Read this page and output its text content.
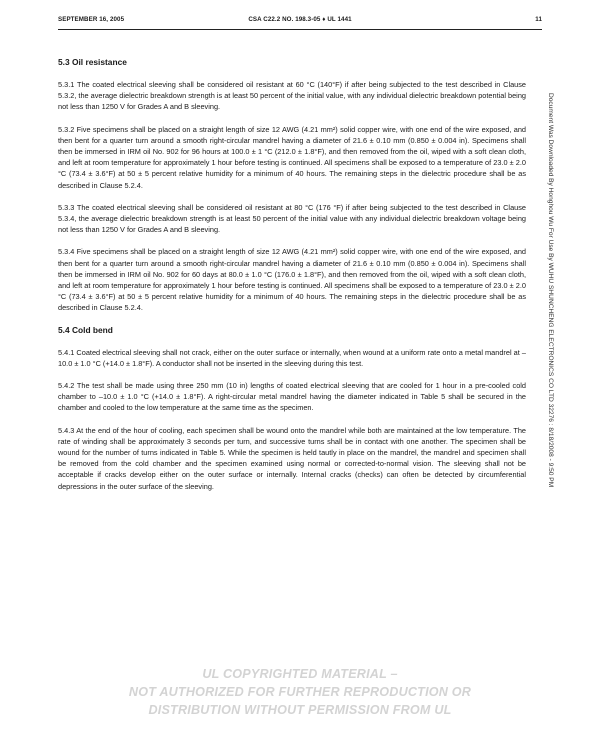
SEPTEMBER 16, 2005	CSA C22.2 NO. 198.3-05 ♦ UL 1441	11
5.3 Oil resistance

5.3.1 The coated electrical sleeving shall be considered oil resistant at 60 °C (140°F) if after being subjected to the test described in Clause 5.3.2, the average dielectric breakdown strength is at least 50 percent of the initial value, with any individual dielectric breakdown potential being not less than 1250 V for Grades A and B sleeving.

5.3.2 Five specimens shall be placed on a straight length of size 12 AWG (4.21 mm²) solid copper wire, with one end of the wire exposed, and then bent for a quarter turn around a smooth right-circular mandrel having a diameter of 21.6 ± 0.10 mm (0.850 ± 0.004 in). Specimens shall then be immersed in IRM oil No. 902 for 96 hours at 100.0 ± 1 °C (212.0 ± 1.8°F), and then removed from the oil, wiped with a soft clean cloth, and left at room temperature for approximately 1 hour before testing is continued. All specimens shall be exposed to a temperature of 23.0 ± 2.0 °C (73.4 ± 3.6°F) at 50 ± 5 percent relative humidity for a minimum of 40 hours. The remaining steps in the dielectric procedure shall be as described in Clause 5.2.4.

5.3.3 The coated electrical sleeving shall be considered oil resistant at 80 °C (176 °F) if after being subjected to the test described in Clause 5.3.4, the average dielectric breakdown strength is at least 50 percent of the initial value with any individual dielectric breakdown voltage being not less than 1250 V for Grades A and B sleeving.

5.3.4 Five specimens shall be placed on a straight length of size 12 AWG (4.21 mm²) solid copper wire, with one end of the wire exposed, and then bent for a quarter turn around a smooth right-circular mandrel having a diameter of 21.6 ± 0.10 mm (0.850 ± 0.004 in). Specimens shall then be immersed in IRM oil No. 902 for 60 days at 80.0 ± 1.0 °C (176.0 ± 1.8°F), and then removed from the oil, wiped with a soft clean cloth, and left at room temperature for approximately 1 hour before testing is continued. All specimens shall be exposed to a temperature of 23.0 ± 2.0 °C (73.4 ± 3.6°F) at 50 ± 5 percent relative humidity for a minimum of 40 hours. The remaining steps in the dielectric procedure shall be as described in Clause 5.2.4.

5.4 Cold bend

5.4.1 Coated electrical sleeving shall not crack, either on the outer surface or internally, when wound at a uniform rate onto a metal mandrel at –10.0 ± 1.0 °C (+14.0 ± 1.8°F). A conductor shall not be inserted in the sleeving during this test.

5.4.2 The test shall be made using three 250 mm (10 in) lengths of coated electrical sleeving that are cooled for 1 hour in a pre-cooled cold chamber to –10.0 ± 1.0 °C (+14.0 ± 1.8°F). A right-circular metal mandrel having the diameter indicated in Table 5 shall be secured in the chamber and cooled to the low temperature at the same time as the specimen.

5.4.3 At the end of the hour of cooling, each specimen shall be wound onto the mandrel while both are maintained at the low temperature. The rate of winding shall be approximately 3 seconds per turn, and successive turns shall be in contact with one another. The specimen shall be wound for the number of turns indicated in Table 5. While the specimen is held tautly in place on the mandrel, the mandrel and specimen shall be removed from the cold chamber and the specimen examined using normal or corrected-to-normal vision. The sleeving shall not be acceptable if cracks develop either on the outer surface or internally. Internal cracks (checks) can often be detected by circumferential depressions in the outer surface of the sleeving.	Document Was Downloaded By Honghou Wu For Use By WUHU SHUNCHENG ELECTRONICS CO LTD 32276 : 8/18/2008 - 9:50 PM
UL COPYRIGHTED MATERIAL –
NOT AUTHORIZED FOR FURTHER REPRODUCTION OR
DISTRIBUTION WITHOUT PERMISSION FROM UL
